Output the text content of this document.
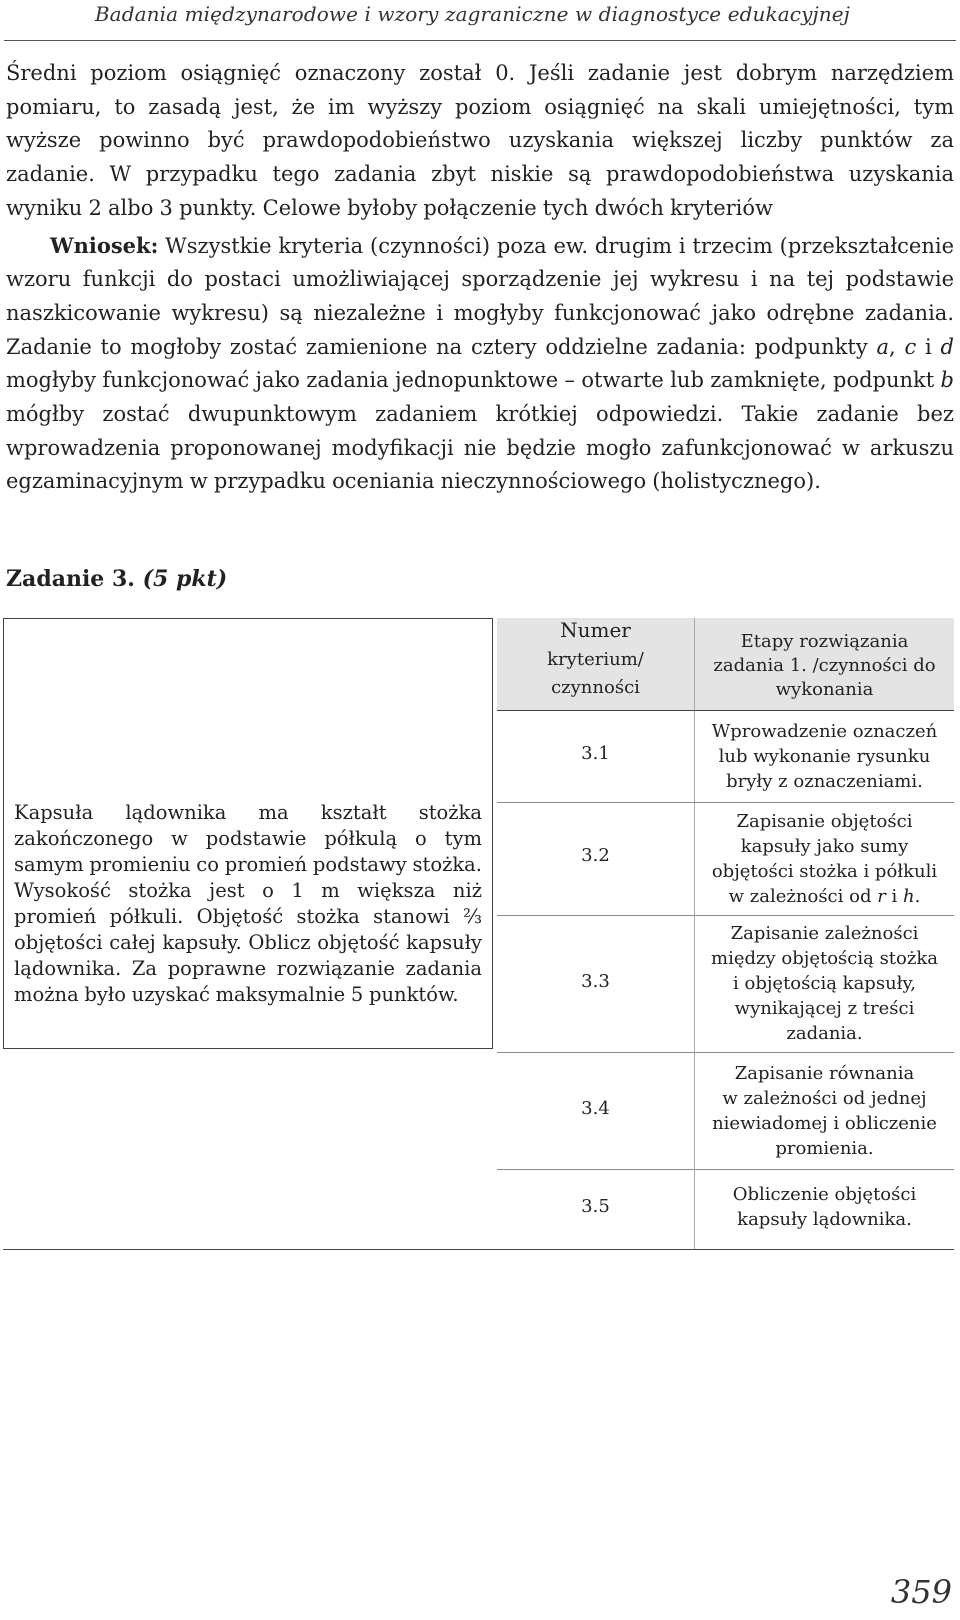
Badania międzynarodowe i wzory zagraniczne w diagnostyce edukacyjnej

Średni poziom osiągnięć oznaczony został 0. Jeśli zadanie jest dobrym narzędziem pomiaru, to zasadą jest, że im wyższy poziom osiągnięć na skali umiejętności, tym wyższe powinno być prawdopodobieństwo uzyskania większej liczby punktów za zadanie. W przypadku tego zadania zbyt niskie są prawdopodobieństwa uzyskania wyniku 2 albo 3 punkty. Celowe byłoby połączenie tych dwóch kryteriów

Wniosek: Wszystkie kryteria (czynności) poza ew. drugim i trzecim (przekształcenie wzoru funkcji do postaci umożliwiającej sporządzenie jej wykresu i na tej podstawie naszkicowanie wykresu) są niezależne i mogłyby funkcjonować jako odrębne zadania. Zadanie to mogłoby zostać zamienione na cztery oddzielne zadania: podpunkty a, c i d mogłyby funkcjonować jako zadania jednopunktowe – otwarte lub zamknięte, podpunkt b mógłby zostać dwupunktowym zadaniem krótkiej odpowiedzi. Takie zadanie bez wprowadzenia proponowanej modyfikacji nie będzie mogło zafunkcjonować w arkuszu egzaminacyjnym w przypadku oceniania nieczynnościowego (holistycznego).

Zadanie 3. (5 pkt)
Kapsuła lądownika ma kształt stożka zakończonego w podstawie półkulą o tym samym promieniu co promień podstawy stożka. Wysokość stożka jest o 1 m większa niż promień półkuli. Objętość stożka stanowi ⅔ objętości całej kapsuły. Oblicz objętość kapsuły lądownika. Za poprawne rozwiązanie zadania można było uzyskać maksymalnie 5 punktów.
Numer
kryterium/
czynności
Etapy rozwiązania
zadania 1. /czynności do
wykonania
3.1
Wprowadzenie oznaczeń
lub wykonanie rysunku
bryły z oznaczeniami.
3.2
Zapisanie objętości
kapsuły jako sumy
objętości stożka i półkuli
w zależności od r i h.
3.3
Zapisanie zależności
między objętością stożka
i objętością kapsuły,
wynikającej z treści
zadania.
3.4
Zapisanie równania
w zależności od jednej
niewiadomej i obliczenie
promienia.
3.5
Obliczenie objętości
kapsuły lądownika.
359
